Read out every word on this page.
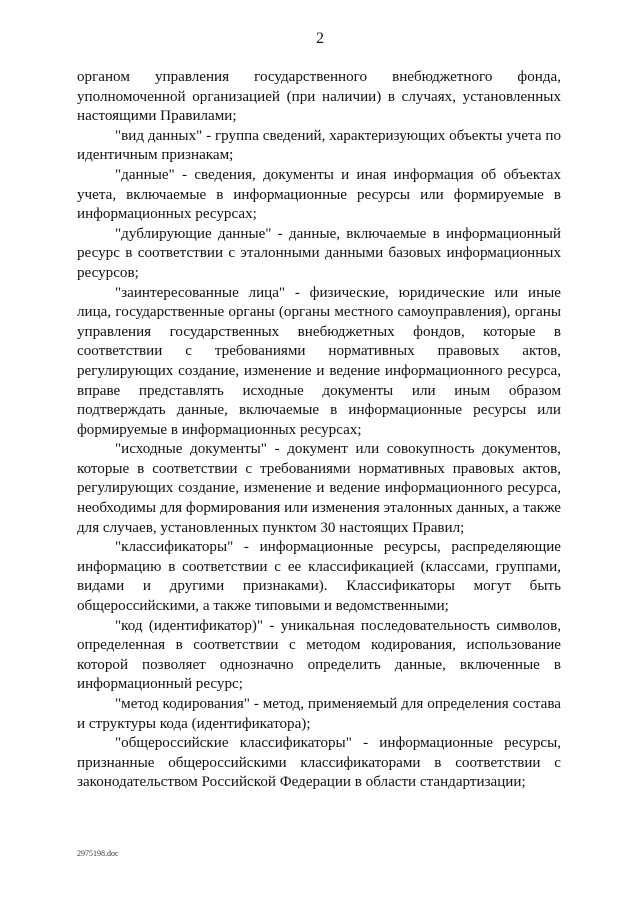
2

органом управления государственного внебюджетного фонда, уполномоченной организацией (при наличии) в случаях, установленных настоящими Правилами;

"вид данных" - группа сведений, характеризующих объекты учета по идентичным признакам;

"данные" - сведения, документы и иная информация об объектах учета, включаемые в информационные ресурсы или формируемые в информационных ресурсах;

"дублирующие данные" - данные, включаемые в информационный ресурс в соответствии с эталонными данными базовых информационных ресурсов;

"заинтересованные лица" - физические, юридические или иные лица, государственные органы (органы местного самоуправления), органы управления государственных внебюджетных фондов, которые в соответствии с требованиями нормативных правовых актов, регулирующих создание, изменение и ведение информационного ресурса, вправе представлять исходные документы или иным образом подтверждать данные, включаемые в информационные ресурсы или формируемые в информационных ресурсах;

"исходные документы" - документ или совокупность документов, которые в соответствии с требованиями нормативных правовых актов, регулирующих создание, изменение и ведение информационного ресурса, необходимы для формирования или изменения эталонных данных, а также для случаев, установленных пунктом 30 настоящих Правил;

"классификаторы" - информационные ресурсы, распределяющие информацию в соответствии с ее классификацией (классами, группами, видами и другими признаками). Классификаторы могут быть общероссийскими, а также типовыми и ведомственными;

"код (идентификатор)" - уникальная последовательность символов, определенная в соответствии с методом кодирования, использование которой позволяет однозначно определить данные, включенные в информационный ресурс;

"метод кодирования" - метод, применяемый для определения состава и структуры кода (идентификатора);

"общероссийские классификаторы" - информационные ресурсы, признанные общероссийскими классификаторами в соответствии с законодательством Российской Федерации в области стандартизации;

2975198.doc
